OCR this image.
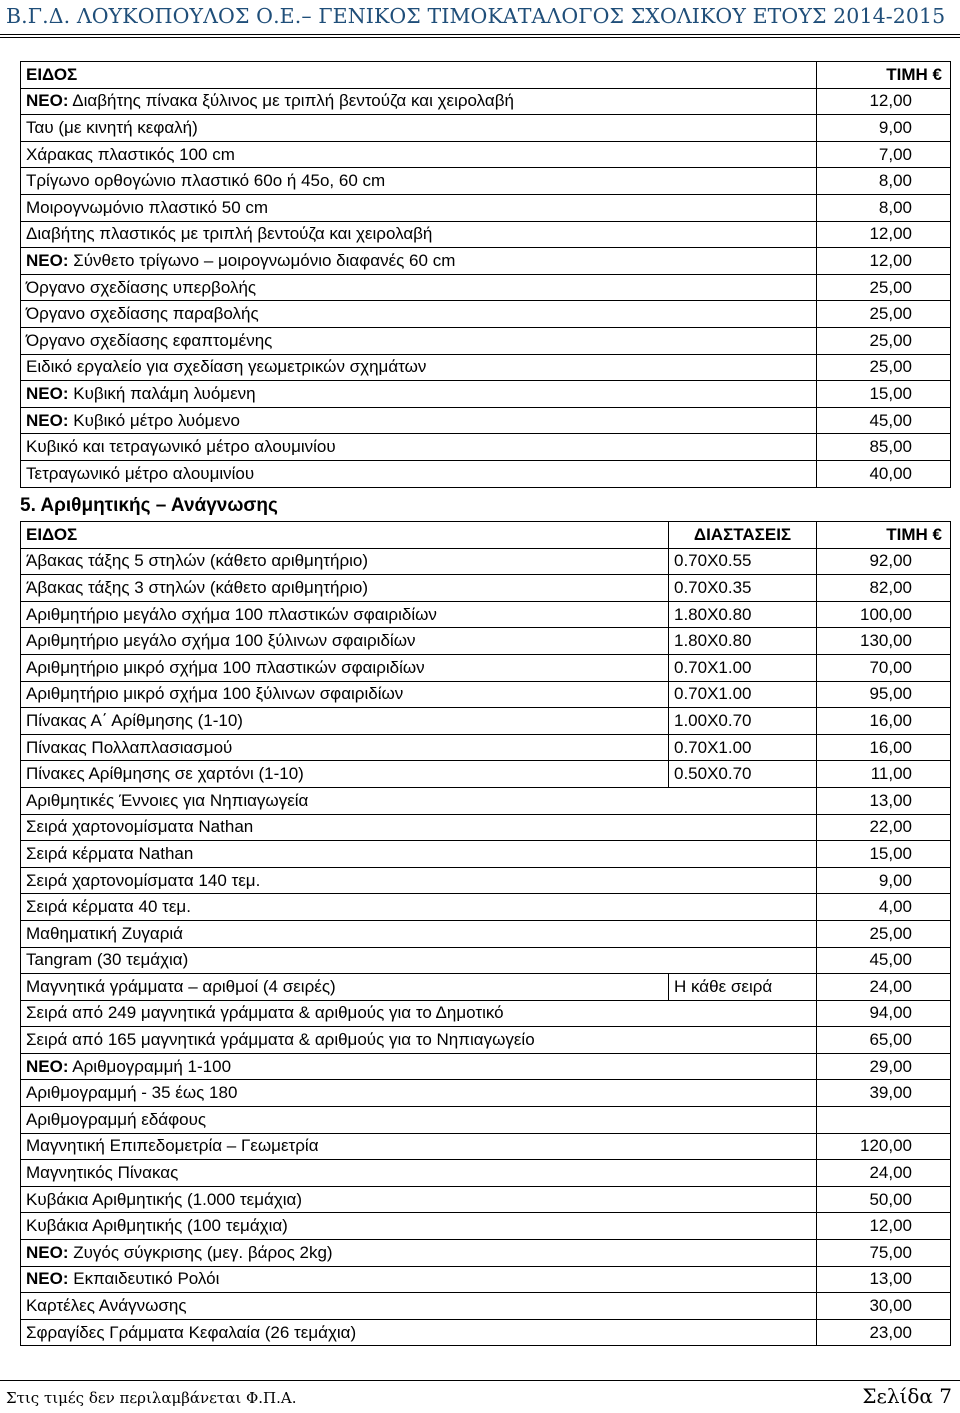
Β.Γ.Δ. ΛΟΥΚΟΠΟΥΛΟΣ Ο.Ε.– ΓΕΝΙΚΟΣ ΤΙΜΟΚΑΤΑΛΟΓΟΣ ΣΧΟΛΙΚΟΥ ΕΤΟΥΣ 2014-2015
ΕΙΔΟΣ	ΤΙΜΗ €
ΝΕΟ: Διαβήτης πίνακα ξύλινος με τριπλή βεντούζα και χειρολαβή	12,00
Ταυ (με κινητή κεφαλή)	9,00
Χάρακας πλαστικός 100 cm	7,00
Τρίγωνο ορθογώνιο πλαστικό 60ο ή 45ο, 60 cm	8,00
Μοιρογνωμόνιο πλαστικό 50 cm	8,00
Διαβήτης πλαστικός με τριπλή βεντούζα και χειρολαβή	12,00
ΝΕΟ: Σύνθετο τρίγωνο – μοιρογνωμόνιο διαφανές 60 cm	12,00
Όργανο σχεδίασης υπερβολής	25,00
Όργανο σχεδίασης παραβολής	25,00
Όργανο σχεδίασης εφαπτομένης	25,00
Ειδικό εργαλείο για σχεδίαση γεωμετρικών σχημάτων	25,00
ΝΕΟ: Κυβική παλάμη λυόμενη	15,00
ΝΕΟ: Κυβικό μέτρο λυόμενο	45,00
Κυβικό και τετραγωνικό μέτρο αλουμινίου	85,00
Τετραγωνικό μέτρο αλουμινίου	40,00
5. Αριθμητικής – Ανάγνωσης
ΕΙΔΟΣ	ΔΙΑΣΤΑΣΕΙΣ	ΤΙΜΗ €
Άβακας τάξης 5 στηλών (κάθετο αριθμητήριο)	0.70Χ0.55	92,00
Άβακας τάξης 3 στηλών (κάθετο αριθμητήριο)	0.70Χ0.35	82,00
Αριθμητήριο μεγάλο σχήμα 100 πλαστικών σφαιριδίων	1.80Χ0.80	100,00
Αριθμητήριο μεγάλο σχήμα 100 ξύλινων σφαιριδίων	1.80Χ0.80	130,00
Αριθμητήριο μικρό σχήμα 100 πλαστικών σφαιριδίων	0.70Χ1.00	70,00
Αριθμητήριο μικρό σχήμα 100 ξύλινων σφαιριδίων	0.70Χ1.00	95,00
Πίνακας Α΄ Αρίθμησης (1-10)	1.00Χ0.70	16,00
Πίνακας Πολλαπλασιασμού	0.70Χ1.00	16,00
Πίνακες Αρίθμησης σε χαρτόνι (1-10)	0.50Χ0.70	11,00
Αριθμητικές Έννοιες για Νηπιαγωγεία		13,00
Σειρά χαρτονομίσματα Nathan		22,00
Σειρά κέρματα Nathan		15,00
Σειρά χαρτονομίσματα 140 τεμ.		9,00
Σειρά κέρματα 40 τεμ.		4,00
Μαθηματική Ζυγαριά		25,00
Tangram (30 τεμάχια)		45,00
Μαγνητικά γράμματα – αριθμοί (4 σειρές)	Η κάθε σειρά	24,00
Σειρά από 249 μαγνητικά γράμματα & αριθμούς για το Δημοτικό		94,00
Σειρά από 165 μαγνητικά γράμματα & αριθμούς για το Νηπιαγωγείο		65,00
ΝΕΟ: Αριθμογραμμή 1-100		29,00
Αριθμογραμμή - 35 έως 180		39,00
Αριθμογραμμή εδάφους		
Μαγνητική Επιπεδομετρία – Γεωμετρία		120,00
Μαγνητικός Πίνακας		24,00
Κυβάκια Αριθμητικής (1.000 τεμάχια)		50,00
Κυβάκια Αριθμητικής (100 τεμάχια)		12,00
ΝΕΟ: Ζυγός σύγκρισης (μεγ. βάρος 2kg)		75,00
ΝΕΟ: Εκπαιδευτικό Ρολόι		13,00
Καρτέλες Ανάγνωσης		30,00
Σφραγίδες Γράμματα Κεφαλαία (26 τεμάχια)		23,00
Στις τιμές δεν περιλαμβάνεται Φ.Π.Α.	Σελίδα 7
